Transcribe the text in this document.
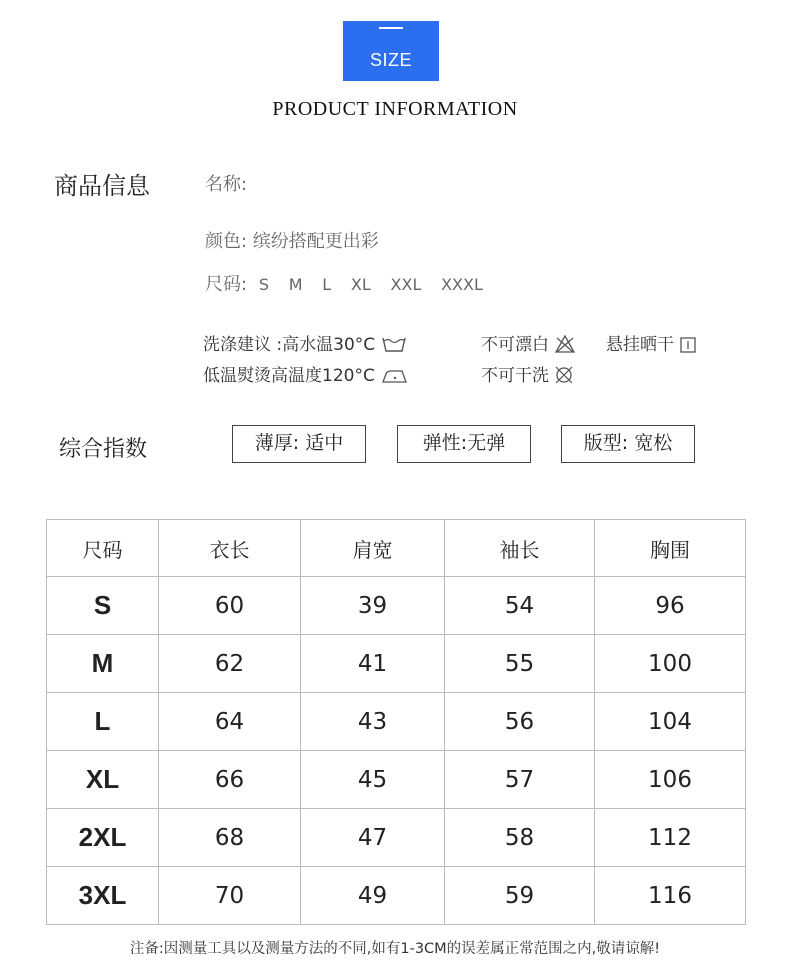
SIZE
PRODUCT INFORMATION
商品信息	名称:
颜色: 缤纷搭配更出彩
尺码: S M L XL XXL XXXL
洗涤建议 :高水温30°C	不可漂白	悬挂晒干
低温熨烫高温度120°C	不可干洗
综合指数	薄厚: 适中	弹性:无弹	版型: 宽松
尺码	衣长	肩宽	袖长	胸围
S	60	39	54	96
M	62	41	55	100
L	64	43	56	104
XL	66	45	57	106
2XL	68	47	58	112
3XL	70	49	59	116
注备:因测量工具以及测量方法的不同,如有1-3CM的误差属正常范围之内,敬请谅解!
